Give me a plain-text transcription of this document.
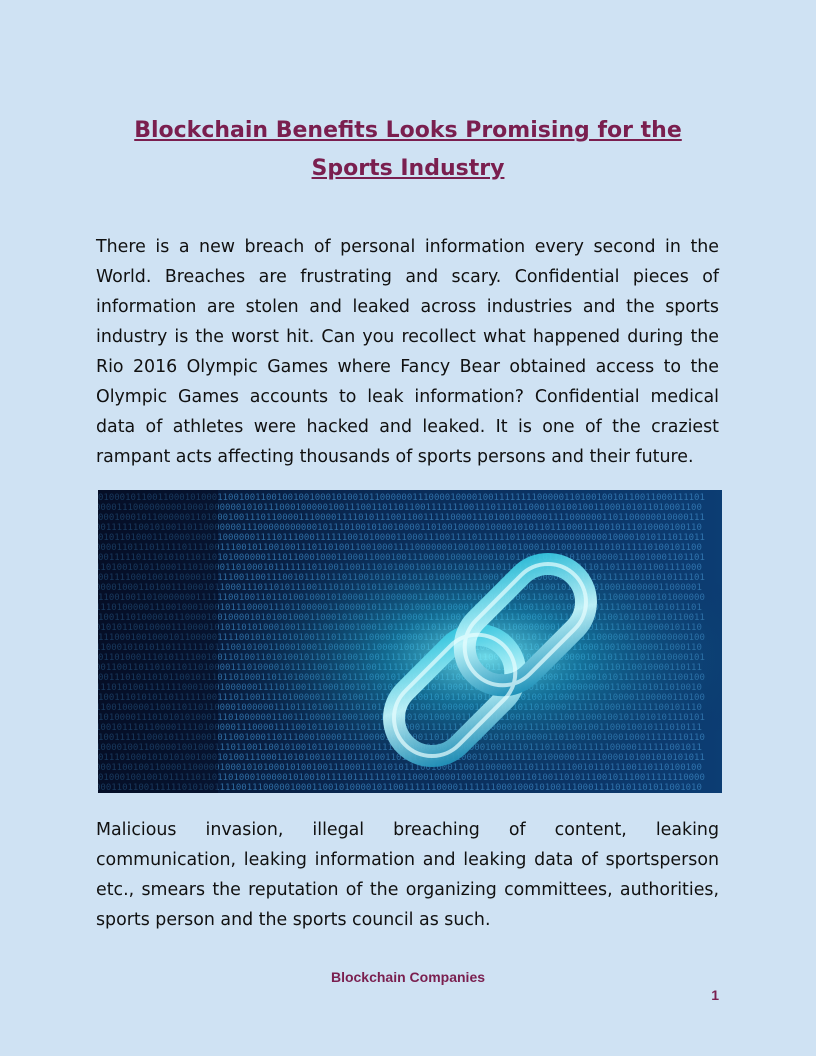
Blockchain Benefits Looks Promising for the Sports Industry

There is a new breach of personal information every second in the World. Breaches are frustrating and scary. Confidential pieces of information are stolen and leaked across industries and the sports industry is the worst hit. Can you recollect what happened during the Rio 2016 Olympic Games where Fancy Bear obtained access to the Olympic Games accounts to leak information? Confidential medical data of athletes were hacked and leaked. It is one of the craziest rampant acts affecting thousands of sports persons and their future.

Malicious invasion, illegal breaching of content, leaking communication, leaking information and leaking data of sportsperson etc., smears the reputation of the organizing committees, authorities, sports person and the sports council as such.

Blockchain Companies
1
